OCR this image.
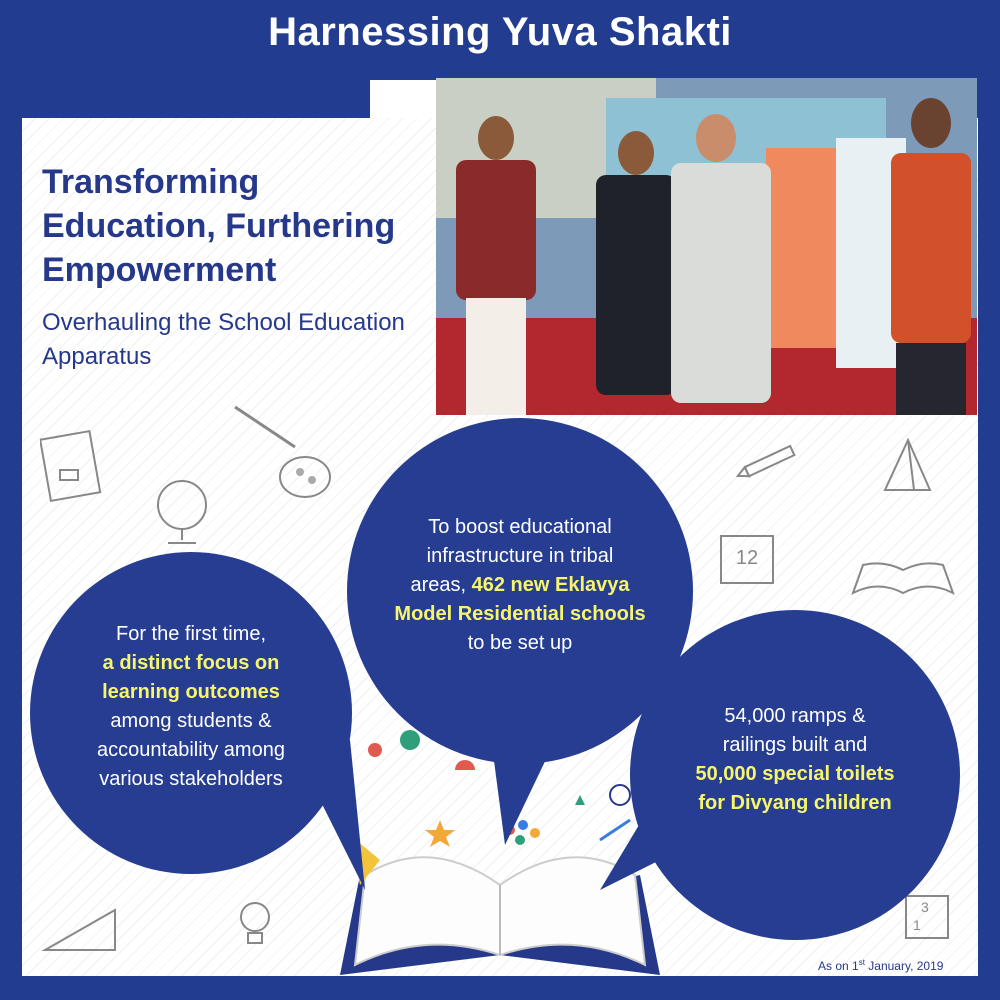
Harnessing Yuva Shakti
Transforming Education, Furthering Empowerment
Overhauling the School Education Apparatus
12
3
1
For the first time,
a distinct focus on
learning outcomes
among students &
accountability among
various stakeholders
To boost educational
infrastructure in tribal
areas, 462 new Eklavya
Model Residential schools
to be set up
54,000 ramps &
railings built and
50,000 special toilets
for Divyang children
As on 1st January, 2019
